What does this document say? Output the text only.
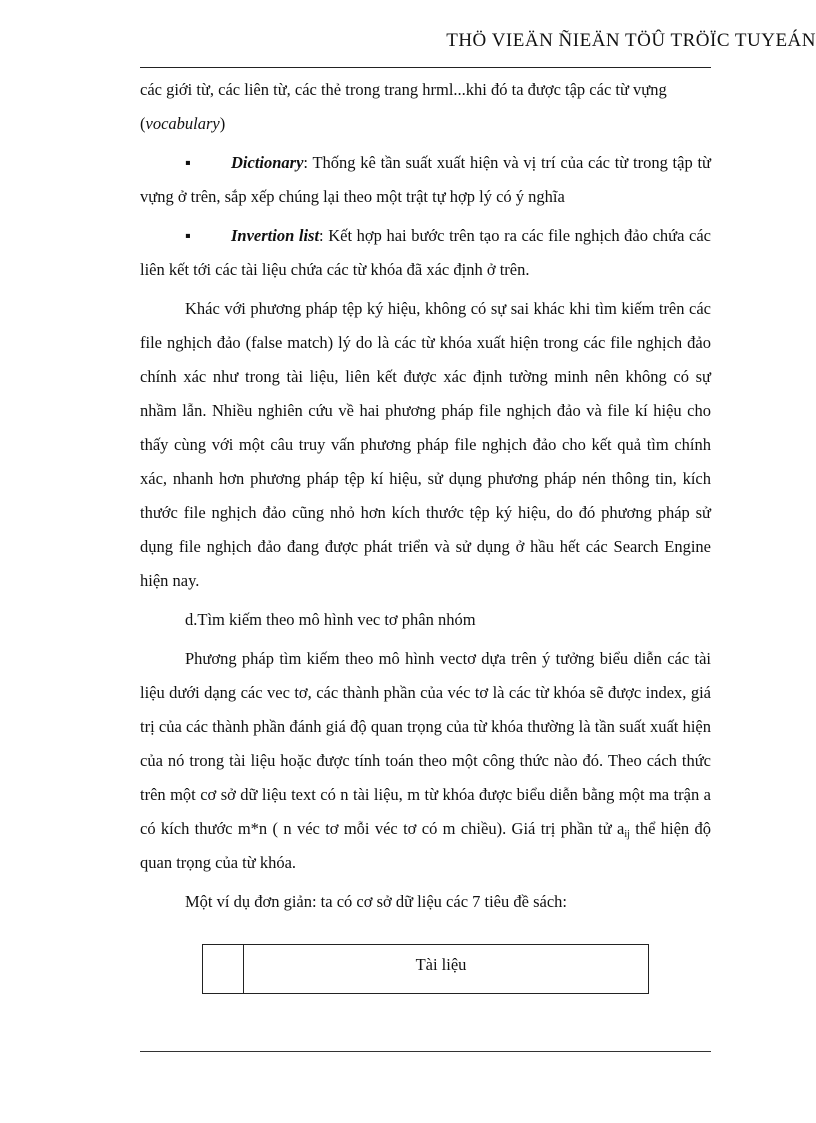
THÖ VIEÄN ÑIEÄN TÖÛ TRÖÏC TUYEÁN

các giới từ, các liên từ, các thẻ trong trang hrml...khi đó ta được tập các từ vựng
(vocabulary)

▪ Dictionary: Thống kê tần suất xuất hiện và vị trí của các từ trong tập từ vựng ở trên, sắp xếp chúng lại theo một trật tự hợp lý có ý nghĩa

▪ Invertion list: Kết hợp hai bước trên tạo ra các file nghịch đảo chứa các liên kết tới các tài liệu chứa các từ khóa đã xác định ở trên.

Khác với phương pháp tệp ký hiệu, không có sự sai khác khi tìm kiếm trên các file nghịch đảo (false match) lý do là các từ khóa xuất hiện trong các file nghịch đảo chính xác như trong tài liệu, liên kết được xác định tường minh nên không có sự nhầm lẫn. Nhiều nghiên cứu về hai phương pháp file nghịch đảo và file kí hiệu cho thấy cùng với một câu truy vấn phương pháp file nghịch đảo cho kết quả tìm chính xác, nhanh hơn phương pháp tệp kí hiệu, sử dụng phương pháp nén thông tin, kích thước file nghịch đảo cũng nhỏ hơn kích thước tệp ký hiệu, do đó phương pháp sử dụng file nghịch đảo đang được phát triển và sử dụng ở hầu hết các Search Engine hiện nay.

d.Tìm kiếm theo mô hình vec tơ phân nhóm

Phương pháp tìm kiếm theo mô hình vectơ dựa trên ý tưởng biểu diễn các tài liệu dưới dạng các vec tơ, các thành phần của véc tơ là các từ khóa sẽ được index, giá trị của các thành phần đánh giá độ quan trọng của từ khóa thường là tần suất xuất hiện của nó trong tài liệu hoặc được tính toán theo một công thức nào đó. Theo cách thức trên một cơ sở dữ liệu text có n tài liệu, m từ khóa được biểu diễn bằng một ma trận a có kích thước m*n ( n véc tơ mỗi véc tơ có m chiều). Giá trị phần tử $a_{ij}$ thể hiện độ quan trọng của từ khóa.

Một ví dụ đơn giản: ta có cơ sở dữ liệu các 7 tiêu đề sách:

	Tài liệu
